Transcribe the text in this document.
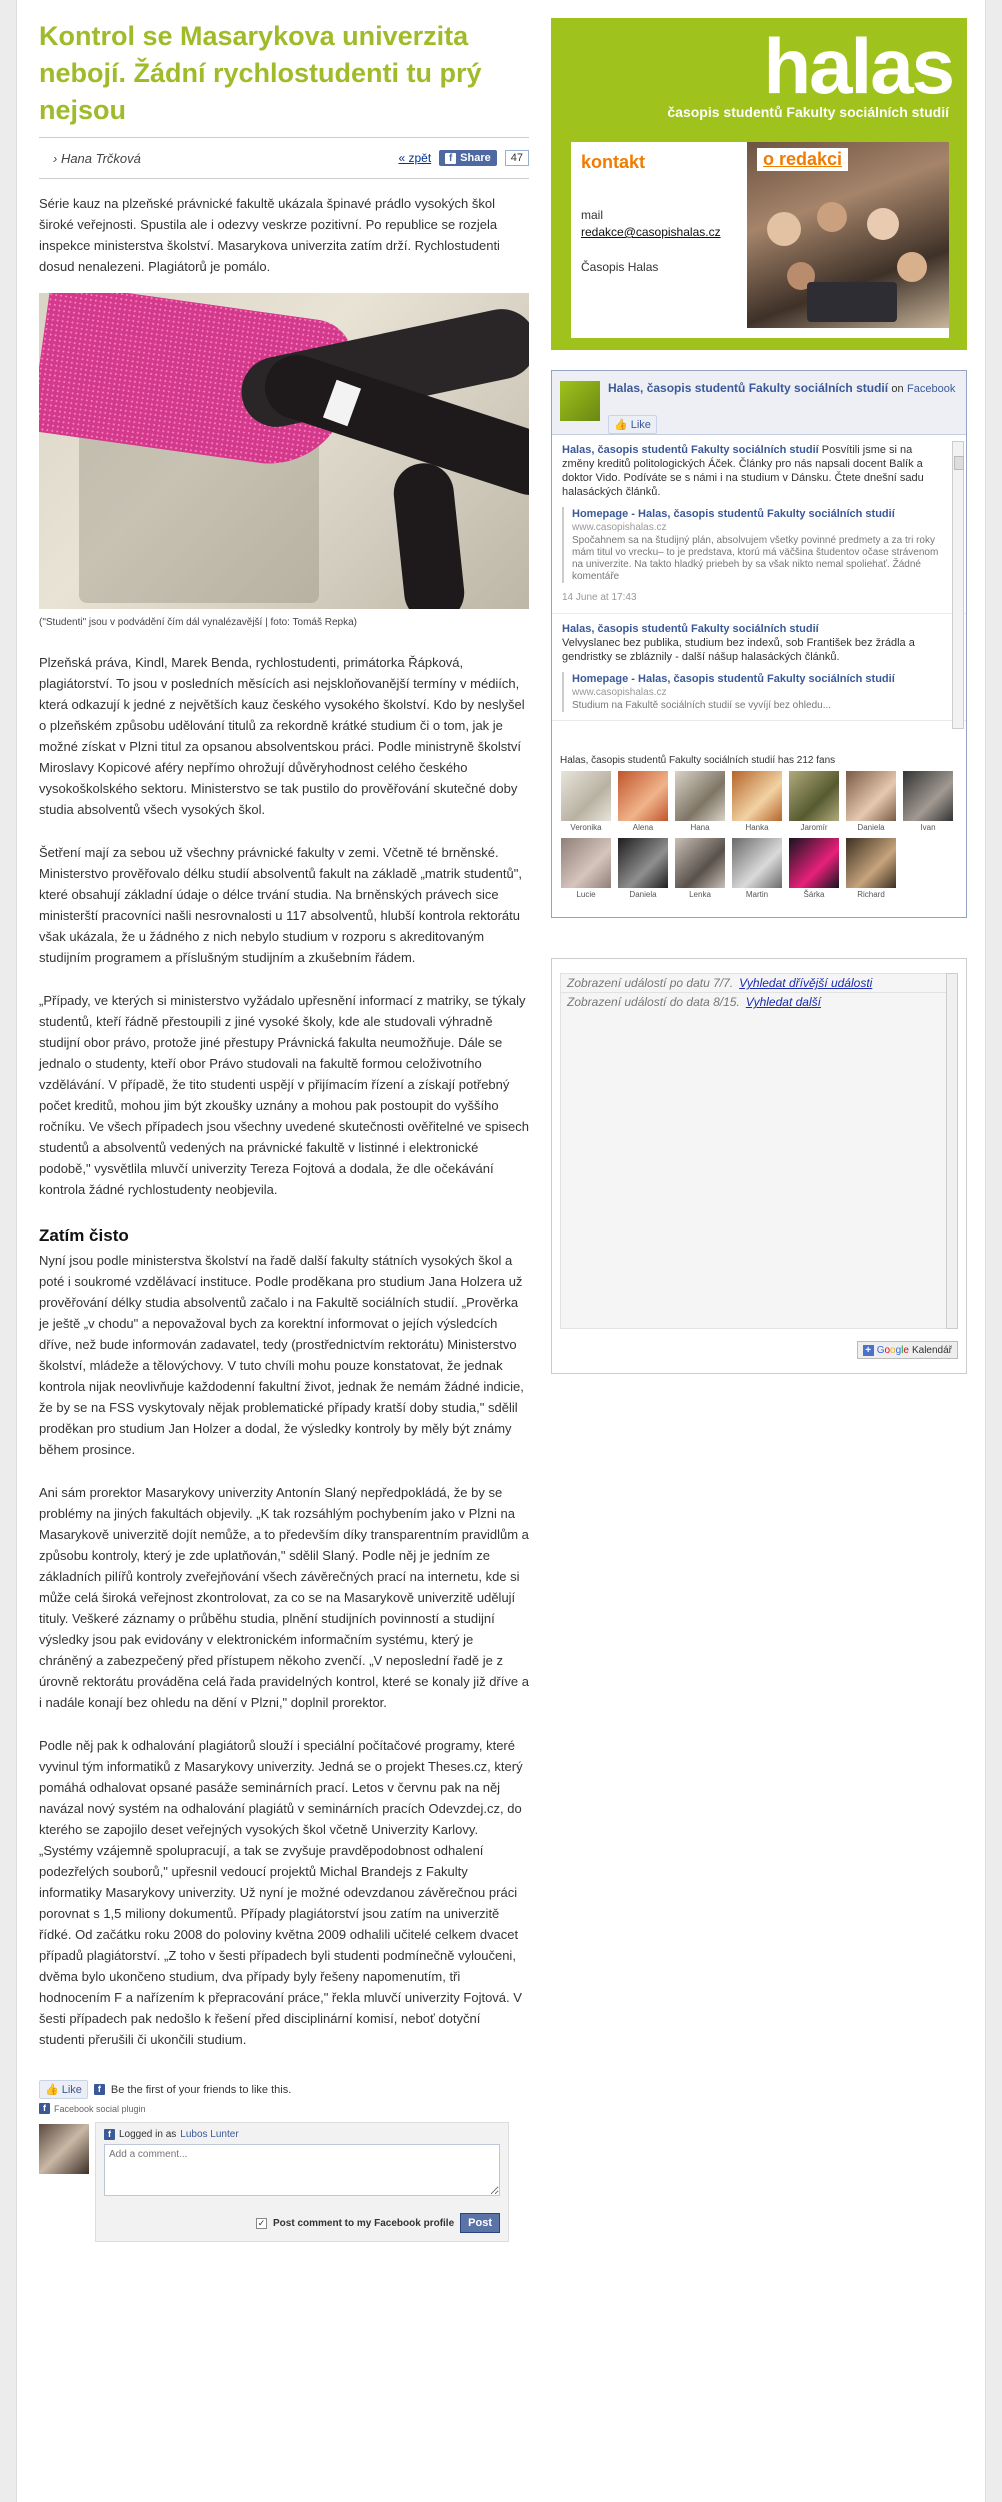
Kontrol se Masarykova univerzita nebojí. Žádní rychlostudenti tu prý nejsou
› Hana Trčková	« zpět	f Share	47

Série kauz na plzeňské právnické fakultě ukázala špinavé prádlo vysokých škol široké veřejnosti. Spustila ale i odezvy veskrze pozitivní. Po republice se rozjela inspekce ministerstva školství. Masarykova univerzita zatím drží. Rychlostudenti dosud nenalezeni. Plagiátorů je pomálo.

("Studenti" jsou v podvádění čím dál vynalézavější | foto: Tomáš Repka)

Plzeňská práva, Kindl, Marek Benda, rychlostudenti, primátorka Řápková, plagiátorství. To jsou v posledních měsících asi nejskloňovanější termíny v médiích, která odkazují k jedné z největších kauz českého vysokého školství. Kdo by neslyšel o plzeňském způsobu udělování titulů za rekordně krátké studium či o tom, jak je možné získat v Plzni titul za opsanou absolventskou práci. Podle ministryně školství Miroslavy Kopicové aféry nepřímo ohrožují důvěryhodnost celého českého vysokoškolského sektoru. Ministerstvo se tak pustilo do prověřování skutečné doby studia absolventů všech vysokých škol.

Šetření mají za sebou už všechny právnické fakulty v zemi. Včetně té brněnské. Ministerstvo prověřovalo délku studií absolventů fakult na základě „matrik studentů", které obsahují základní údaje o délce trvání studia. Na brněnských právech sice ministerští pracovníci našli nesrovnalosti u 117 absolventů, hlubší kontrola rektorátu však ukázala, že u žádného z nich nebylo studium v rozporu s akreditovaným studijním programem a příslušným studijním a zkušebním řádem.

„Případy, ve kterých si ministerstvo vyžádalo upřesnění informací z matriky, se týkaly studentů, kteří řádně přestoupili z jiné vysoké školy, kde ale studovali výhradně studijní obor právo, protože jiné přestupy Právnická fakulta neumožňuje. Dále se jednalo o studenty, kteří obor Právo studovali na fakultě formou celoživotního vzdělávání. V případě, že tito studenti uspějí v přijímacím řízení a získají potřebný počet kreditů, mohou jim být zkoušky uznány a mohou pak postoupit do vyššího ročníku. Ve všech případech jsou všechny uvedené skutečnosti ověřitelné ve spisech studentů a absolventů vedených na právnické fakultě v listinné i elektronické podobě," vysvětlila mluvčí univerzity Tereza Fojtová a dodala, že dle očekávání kontrola žádné rychlostudenty neobjevila.

Zatím čisto

Nyní jsou podle ministerstva školství na řadě další fakulty státních vysokých škol a poté i soukromé vzdělávací instituce. Podle proděkana pro studium Jana Holzera už prověřování délky studia absolventů začalo i na Fakultě sociálních studií. „Prověrka je ještě „v chodu" a nepovažoval bych za korektní informovat o jejích výsledcích dříve, než bude informován zadavatel, tedy (prostřednictvím rektorátu) Ministerstvo školství, mládeže a tělovýchovy. V tuto chvíli mohu pouze konstatovat, že jednak kontrola nijak neovlivňuje každodenní fakultní život, jednak že nemám žádné indicie, že by se na FSS vyskytovaly nějak problematické případy kratší doby studia," sdělil proděkan pro studium Jan Holzer a dodal, že výsledky kontroly by měly být známy během prosince.

Ani sám prorektor Masarykovy univerzity Antonín Slaný nepředpokládá, že by se problémy na jiných fakultách objevily. „K tak rozsáhlým pochybením jako v Plzni na Masarykově univerzitě dojít nemůže, a to především díky transparentním pravidlům a způsobu kontroly, který je zde uplatňován," sdělil Slaný. Podle něj je jedním ze základních pilířů kontroly zveřejňování všech závěrečných prací na internetu, kde si může celá široká veřejnost zkontrolovat, za co se na Masarykově univerzitě udělují tituly. Veškeré záznamy o průběhu studia, plnění studijních povinností a studijní výsledky jsou pak evidovány v elektronickém informačním systému, který je chráněný a zabezpečený před přístupem někoho zvenčí. „V neposlední řadě je z úrovně rektorátu prováděna celá řada pravidelných kontrol, které se konaly již dříve a i nadále konají bez ohledu na dění v Plzni," doplnil prorektor.

Podle něj pak k odhalování plagiátorů slouží i speciální počítačové programy, které vyvinul tým informatiků z Masarykovy univerzity. Jedná se o projekt Theses.cz, který pomáhá odhalovat opsané pasáže seminárních prací. Letos v červnu pak na něj navázal nový systém na odhalování plagiátů v seminárních pracích Odevzdej.cz, do kterého se zapojilo deset veřejných vysokých škol včetně Univerzity Karlovy. „Systémy vzájemně spolupracují, a tak se zvyšuje pravděpodobnost odhalení podezřelých souborů," upřesnil vedoucí projektů Michal Brandejs z Fakulty informatiky Masarykovy univerzity. Už nyní je možné odevzdanou závěrečnou práci porovnat s 1,5 miliony dokumentů. Případy plagiátorství jsou zatím na univerzitě řídké. Od začátku roku 2008 do poloviny května 2009 odhalili učitelé celkem dvacet případů plagiátorství. „Z toho v šesti případech byli studenti podmínečně vyloučeni, dvěma bylo ukončeno studium, dva případy byly řešeny napomenutím, tři hodnocením F a nařízením k přepracování práce," řekla mluvčí univerzity Fojtová. V šesti případech pak nedošlo k řešení před disciplinární komisí, neboť dotyční studenti přerušili či ukončili studium.

👍 Like	f Be the first of your friends to like this.
f Facebook social plugin
f Logged in as Lubos Lunter
Add a comment...
✓ Post comment to my Facebook profile	Post
halas
časopis studentů Fakulty sociálních studií
kontakt
mail
redakce@casopishalas.cz
Časopis Halas
o redakci
Halas, časopis studentů Fakulty sociálních studií on Facebook
👍 Like
Halas, časopis studentů Fakulty sociálních studií Posvítili jsme si na změny kreditů politologických Áček. Články pro nás napsali docent Balík a doktor Vido. Podíváte se s námi i na studium v Dánsku. Čtete dnešní sadu halasáckých článků.
Homepage - Halas, časopis studentů Fakulty sociálních studií
www.casopishalas.cz
Spočahnem sa na študijný plán, absolvujem všetky povinné predmety a za tri roky mám titul vo vrecku– to je predstava, ktorú má väčšina študentov očase strávenom na univerzite. Na takto hladký priebeh by sa však nikto nemal spoliehať. Žádné komentáře
14 June at 17:43
Halas, časopis studentů Fakulty sociálních studií
Velvyslanec bez publika, studium bez indexů, sob František bez žrádla a gendristky se zbláznily - další nášup halasáckých článků.
Homepage - Halas, časopis studentů Fakulty sociálních studií
www.casopishalas.cz
Studium na Fakultě sociálních studií se vyvíjí bez ohledu...
Halas, časopis studentů Fakulty sociálních studií has 212 fans
Veronika	Alena	Hana	Hanka	Jaromír	Daniela	Ivan
Lucie	Daniela	Lenka	Martin	Šárka	Richard
Zobrazení událostí po datu 7/7. Vyhledat dřívější události
Zobrazení událostí do data 8/15. Vyhledat další
+ Google Kalendář
